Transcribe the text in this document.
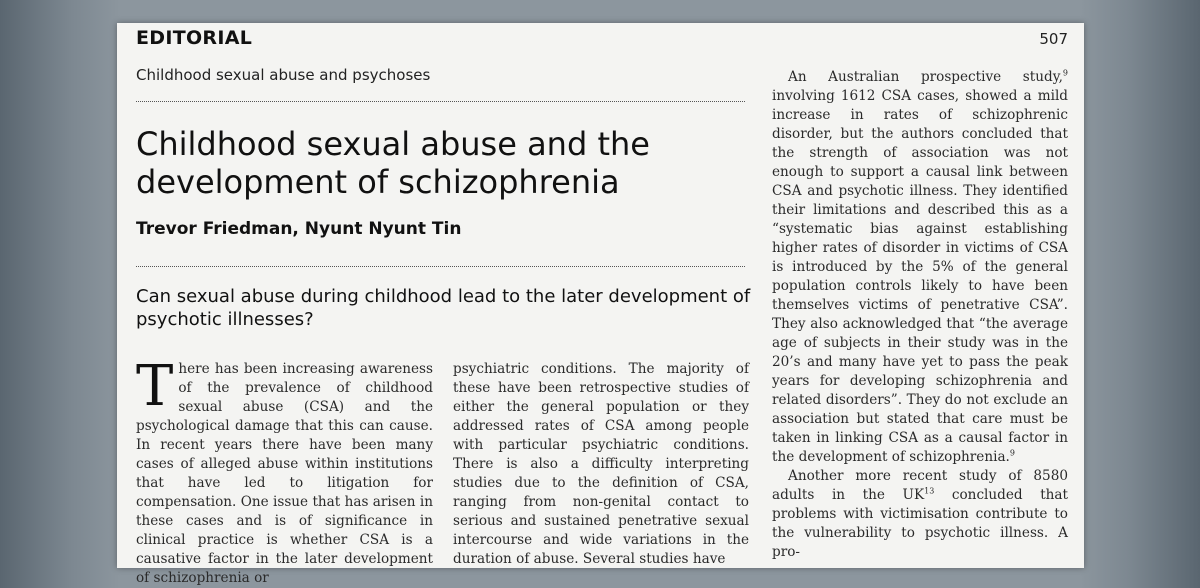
EDITORIAL	507
Childhood sexual abuse and psychoses
Childhood sexual abuse and the development of schizophrenia
Trevor Friedman, Nyunt Nyunt Tin

Can sexual abuse during childhood lead to the later development of psychotic illnesses?

There has been increasing awareness of the prevalence of childhood sexual abuse (CSA) and the psychological damage that this can cause. In recent years there have been many cases of alleged abuse within institutions that have led to litigation for compensation. One issue that has arisen in these cases and is of significance in clinical practice is whether CSA is a causative factor in the later development of schizophrenia or

psychiatric conditions. The majority of these have been retrospective studies of either the general population or they addressed rates of CSA among people with particular psychiatric conditions. There is also a difficulty interpreting studies due to the definition of CSA, ranging from non-genital contact to serious and sustained penetrative sexual intercourse and wide variations in the duration of abuse. Several studies have

An Australian prospective study,$^9$ involving 1612 CSA cases, showed a mild increase in rates of schizophrenic disorder, but the authors concluded that the strength of association was not enough to support a causal link between CSA and psychotic illness. They identified their limitations and described this as a “systematic bias against establishing higher rates of disorder in victims of CSA is introduced by the 5% of the general population controls likely to have been themselves victims of penetrative CSA”. They also acknowledged that “the average age of subjects in their study was in the 20’s and many have yet to pass the peak years for developing schizophrenia and related disorders”. They do not exclude an association but stated that care must be taken in linking CSA as a causal factor in the development of schizophrenia.$^9$

Another more recent study of 8580 adults in the UK$^{13}$ concluded that problems with victimisation contribute to the vulnerability to psychotic illness. A pro-
